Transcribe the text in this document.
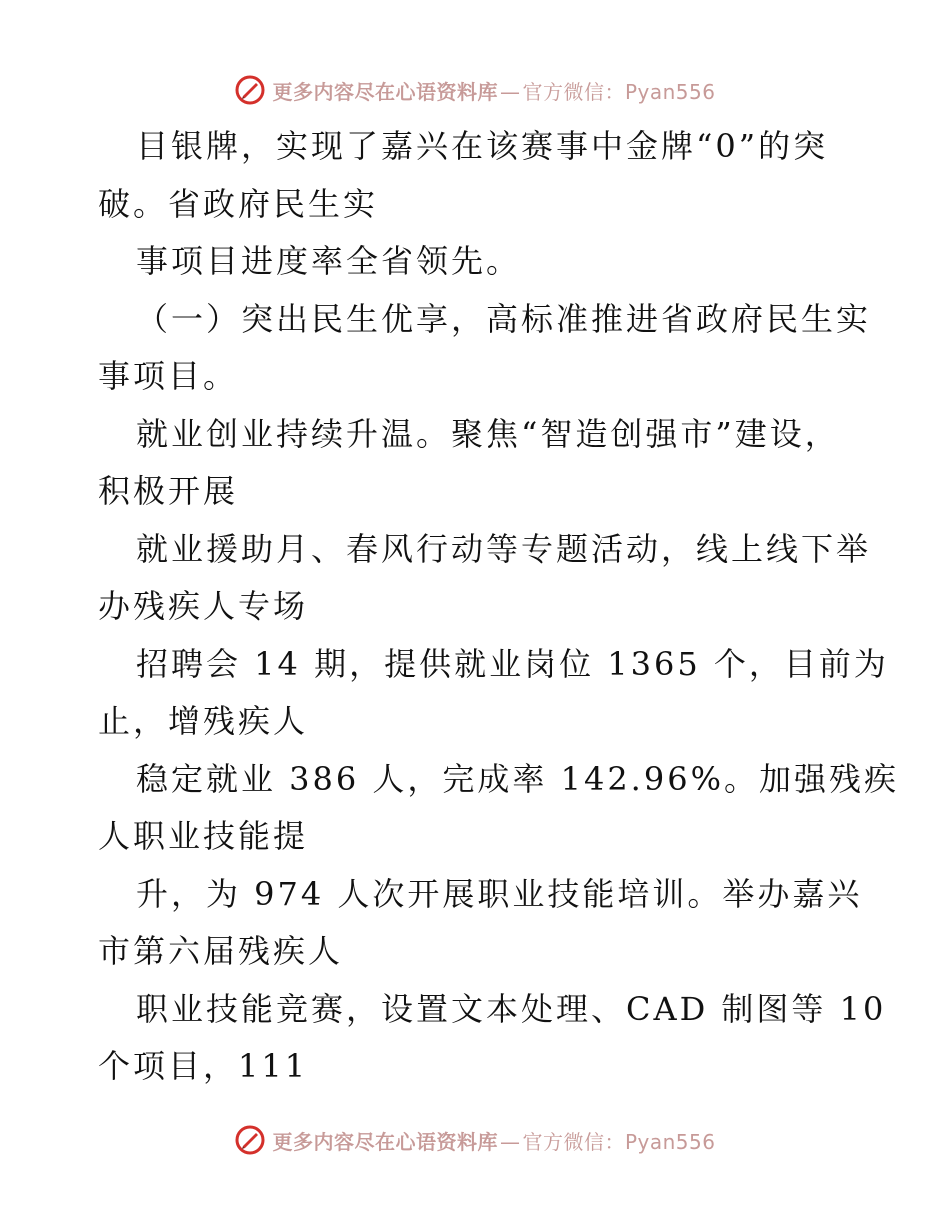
更多内容尽在心语资料库 — 官方微信：Pyan556
目银牌，实现了嘉兴在该赛事中金牌“0”的突
破。省政府民生实
事项目进度率全省领先。
（一）突出民生优享，高标准推进省政府民生实
事项目。
就业创业持续升温。聚焦“智造创强市”建设，
积极开展
就业援助月、春风行动等专题活动，线上线下举
办残疾人专场
招聘会 14 期，提供就业岗位 1365 个，目前为
止，增残疾人
稳定就业 386 人，完成率 142.96%。加强残疾
人职业技能提
升，为 974 人次开展职业技能培训。举办嘉兴
市第六届残疾人
职业技能竞赛，设置文本处理、CAD 制图等 10
个项目，111
更多内容尽在心语资料库 — 官方微信：Pyan556
